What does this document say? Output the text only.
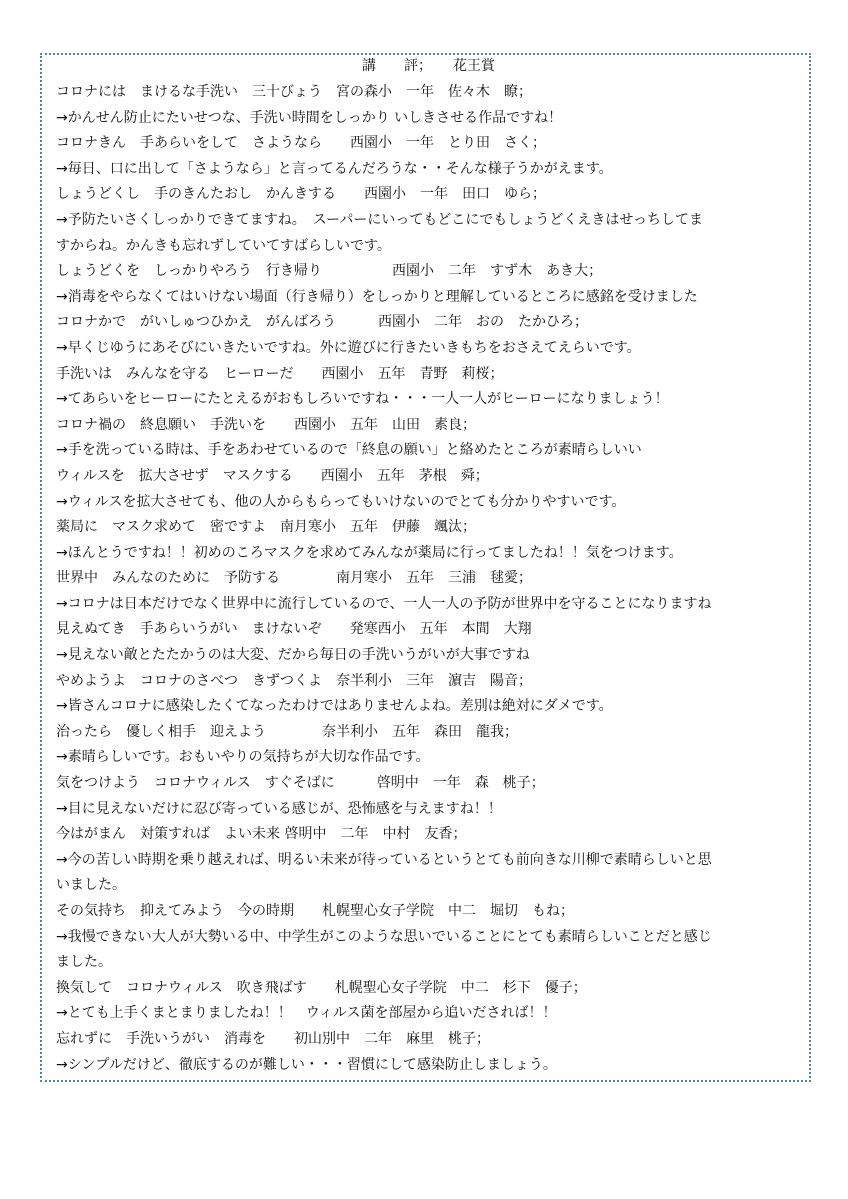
講　　評；　　花王賞
コロナには　まけるな手洗い　三十びょう　宮の森小　一年　佐々木　瞭；
→かんせん防止にたいせつな、手洗い時間をしっかり いしきさせる作品ですね！
コロナきん　手あらいをして　さようなら　　西園小　一年　とり田　さく；
→毎日、口に出して「さようなら」と言ってるんだろうな・・そんな様子うかがえます。
しょうどくし　手のきんたおし　かんきする　　西園小　一年　田口　ゆら；
→予防たいさくしっかりできてますね。　スーパーにいってもどこにでもしょうどくえきはせっちしてま
すからね。かんきも忘れずしていてすばらしいです。
しょうどくを　しっかりやろう　行き帰り　　　　　西園小　二年　すず木　あき大；
→消毒をやらなくてはいけない場面（行き帰り）をしっかりと理解しているところに感銘を受けました
コロナかで　がいしゅつひかえ　がんばろう　　　西園小　二年　おの　たかひろ；
→早くじゆうにあそびにいきたいですね。外に遊びに行きたいきもちをおさえてえらいです。
手洗いは　みんなを守る　ヒーローだ　　西園小　五年　青野　莉桜；
→てあらいをヒーローにたとえるがおもしろいですね・・・一人一人がヒーローになりましょう！
コロナ禍の　終息願い　手洗いを　　西園小　五年　山田　素良；
→手を洗っている時は、手をあわせているので「終息の願い」と絡めたところが素晴らしいい
ウィルスを　拡大させず　マスクする　　西園小　五年　茅根　舜；
→ウィルスを拡大させても、他の人からもらってもいけないのでとても分かりやすいです。
薬局に　マスク求めて　密ですよ　南月寒小　五年　伊藤　颯汰；
→ほんとうですね！！初めのころマスクを求めてみんなが薬局に行ってましたね！！気をつけます。
世界中　みんなのために　予防する　　　　南月寒小　五年　三浦　毬愛；
→コロナは日本だけでなく世界中に流行しているので、一人一人の予防が世界中を守ることになりますね
見えぬてき　手あらいうがい　まけないぞ　　発寒西小　五年　本間　大翔
→見えない敵とたたかうのは大変、だから毎日の手洗いうがいが大事ですね
やめようよ　コロナのさべつ　きずつくよ　奈半利小　三年　濵吉　陽音；
→皆さんコロナに感染したくてなったわけではありませんよね。差別は絶対にダメです。
治ったら　優しく相手　迎えよう　　　　奈半利小　五年　森田　龍我；
→素晴らしいです。おもいやりの気持ちが大切な作品です。
気をつけよう　コロナウィルス　すぐそばに　　　啓明中　一年　森　桃子；
→目に見えないだけに忍び寄っている感じが、恐怖感を与えますね！！
今はがまん　対策すれば　よい未来 啓明中　二年　中村　友香；
→今の苦しい時期を乗り越えれば、明るい未来が待っているというとても前向きな川柳で素晴らしいと思
いました。
その気持ち　抑えてみよう　今の時期　　札幌聖心女子学院　中二　堀切　もね；
→我慢できない大人が大勢いる中、中学生がこのような思いでいることにとても素晴らしいことだと感じ
ました。
換気して　コロナウィルス　吹き飛ばす　　札幌聖心女子学院　中二　杉下　優子；
→とても上手くまとまりましたね！！　ウィルス菌を部屋から追いだされば！！
忘れずに　手洗いうがい　消毒を　　初山別中　二年　麻里　桃子；
→シンプルだけど、徹底するのが難しい・・・習慣にして感染防止しましょう。
